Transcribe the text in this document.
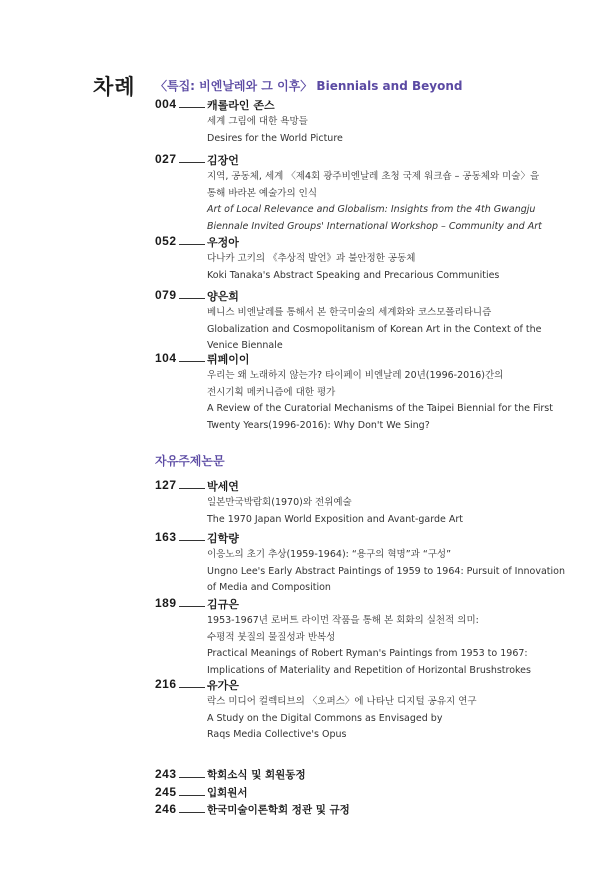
차례 〈특집: 비엔날레와 그 이후〉 Biennials and Beyond
004	캐롤라인 존스
세계 그림에 대한 욕망들
Desires for the World Picture
027	김장언
지역, 공동체, 세계 〈제4회 광주비엔날레 초청 국제 워크숍 – 공동체와 미술〉을
통해 바라본 예술가의 인식
Art of Local Relevance and Globalism: Insights from the 4th Gwangju
Biennale Invited Groups' International Workshop – Community and Art
052	우정아
다나카 고키의 《추상적 발언》과 불안정한 공동체
Koki Tanaka's Abstract Speaking and Precarious Communities
079	양은희
베니스 비엔날레를 통해서 본 한국미술의 세계화와 코스모폴리타니즘
Globalization and Cosmopolitanism of Korean Art in the Context of the
Venice Biennale
104	뤼페이이
우리는 왜 노래하지 않는가? 타이페이 비엔날레 20년(1996-2016)간의
전시기획 메커니즘에 대한 평가
A Review of the Curatorial Mechanisms of the Taipei Biennial for the First
Twenty Years(1996-2016): Why Don't We Sing?
자유주제논문
127	박세연
일본만국박람회(1970)와 전위예술
The 1970 Japan World Exposition and Avant-garde Art
163	김학량
이응노의 초기 추상(1959-1964): “용구의 혁명”과 “구성”
Ungno Lee's Early Abstract Paintings of 1959 to 1964: Pursuit of Innovation
of Media and Composition
189	김규은
1953-1967년 로버트 라이먼 작품을 통해 본 회화의 실천적 의미:
수평적 붓질의 물질성과 반복성
Practical Meanings of Robert Ryman's Paintings from 1953 to 1967:
Implications of Materiality and Repetition of Horizontal Brushstrokes
216	유가은
락스 미디어 컬렉티브의 〈오퍼스〉에 나타난 디지털 공유지 연구
A Study on the Digital Commons as Envisaged by
Raqs Media Collective's Opus
243	학회소식 및 회원동정
245	입회원서
246	한국미술이론학회 정관 및 규정
